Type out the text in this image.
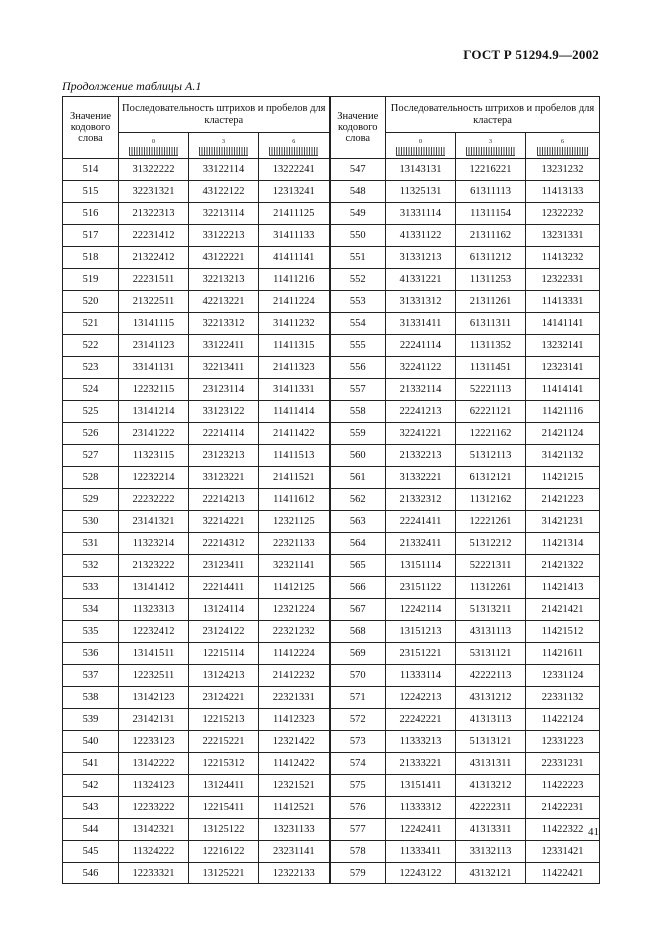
ГОСТ Р 51294.9—2002
Продолжение таблицы А.1
Значение кодового слова	Последовательность штрихов и пробелов для кластера			Значение кодового слова	Последовательность штрихов и пробелов для кластера		

	0	3	6		0	3	6

514	31322222	33122114	13222241	547	13143131	12216221	13231232
515	32231321	43122122	12313241	548	11325131	61311113	11413133
516	21322313	32213114	21411125	549	31331114	11311154	12322232
517	22231412	33122213	31411133	550	41331122	21311162	13231331
518	21322412	43122221	41411141	551	31331213	61311212	11413232
519	22231511	32213213	11411216	552	41331221	11311253	12322331
520	21322511	42213221	21411224	553	31331312	21311261	11413331
521	13141115	32213312	31411232	554	31331411	61311311	14141141
522	23141123	33122411	11411315	555	22241114	11311352	13232141
523	33141131	32213411	21411323	556	32241122	11311451	12323141
524	12232115	23123114	31411331	557	21332114	52221113	11414141
525	13141214	33123122	11411414	558	22241213	62221121	11421116
526	23141222	22214114	21411422	559	32241221	12221162	21421124
527	11323115	23123213	11411513	560	21332213	51312113	31421132
528	12232214	33123221	21411521	561	31332221	61312121	11421215
529	22232222	22214213	11411612	562	21332312	11312162	21421223
530	23141321	32214221	12321125	563	22241411	12221261	31421231
531	11323214	22214312	22321133	564	21332411	51312212	11421314
532	21323222	23123411	32321141	565	13151114	52221311	21421322
533	13141412	22214411	11412125	566	23151122	11312261	11421413
534	11323313	13124114	12321224	567	12242114	51313211	21421421
535	12232412	23124122	22321232	568	13151213	43131113	11421512
536	13141511	12215114	11412224	569	23151221	53131121	11421611
537	12232511	13124213	21412232	570	11333114	42222113	12331124
538	13142123	23124221	22321331	571	12242213	43131212	22331132
539	23142131	12215213	11412323	572	22242221	41313113	11422124
540	12233123	22215221	12321422	573	11333213	51313121	12331223
541	13142222	12215312	11412422	574	21333221	43131311	22331231
542	11324123	13124411	12321521	575	13151411	41313212	11422223
543	12233222	12215411	11412521	576	11333312	42222311	21422231
544	13142321	13125122	13231133	577	12242411	41313311	11422322
545	11324222	12216122	23231141	578	11333411	33132113	12331421
546	12233321	13125221	12322133	579	12243122	43132121	11422421
41
